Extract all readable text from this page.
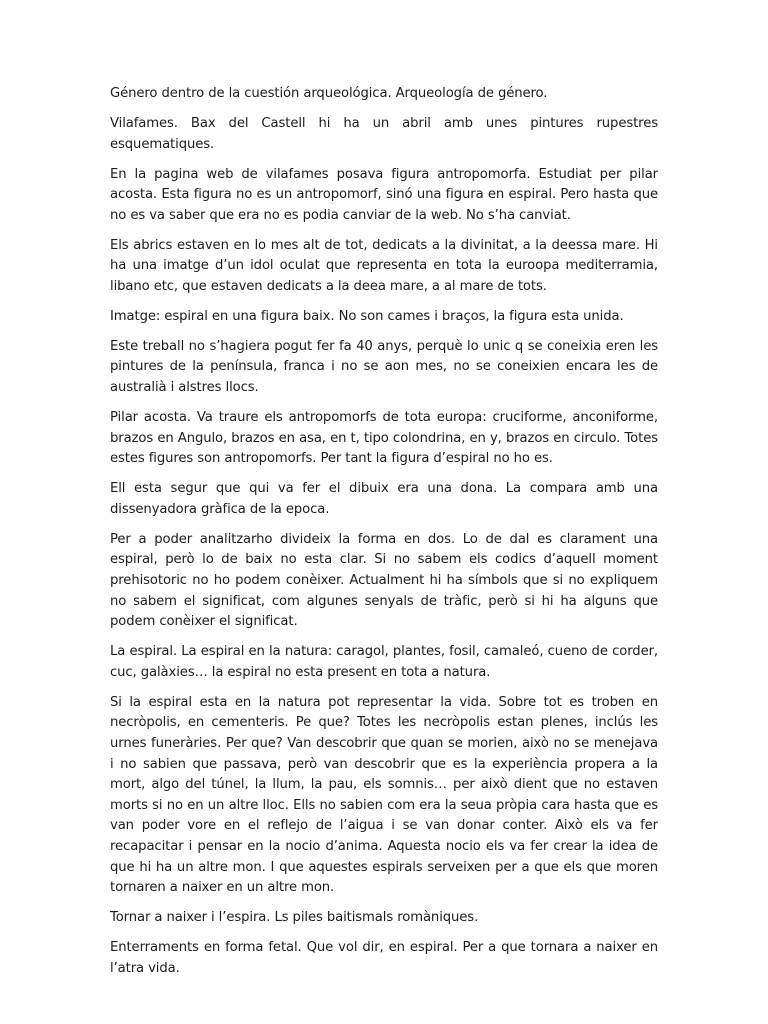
Género dentro de la cuestión arqueológica. Arqueología de género.

Vilafames. Bax del Castell hi ha un abril amb unes pintures rupestres esquematiques.

En la pagina web de vilafames posava figura antropomorfa. Estudiat per pilar acosta. Esta figura no es un antropomorf, sinó una figura en espiral. Pero hasta que no es va saber que era no es podia canviar de la web. No s’ha canviat.

Els abrics estaven en lo mes alt de tot, dedicats a la divinitat, a la deessa mare. Hi ha una imatge d’un idol oculat que representa en tota la euroopa mediterramia, libano etc, que estaven dedicats a la deea mare, a al mare de tots.

Imatge: espiral en una figura baix. No son cames i braços, la figura esta unida.

Este treball no s’hagiera pogut fer fa 40 anys, perquè lo unic q se coneixia eren les pintures de la península, franca i no se aon mes, no se coneixien encara les de australià i alstres llocs.

Pilar acosta. Va traure els antropomorfs de tota europa: cruciforme, anconiforme, brazos en Angulo, brazos en asa, en t, tipo colondrina, en y, brazos en circulo. Totes estes figures son antropomorfs. Per tant la figura d’espiral no ho es.

Ell esta segur que qui va fer el dibuix era una dona. La compara amb una dissenyadora gràfica de la epoca.

Per a poder analitzarho divideix la forma en dos. Lo de dal es clarament una espiral, però lo de baix no esta clar. Si no sabem els codics d’aquell moment prehisotoric no ho podem conèixer. Actualment hi ha símbols que si no expliquem no sabem el significat, com algunes senyals de tràfic, però si hi ha alguns que podem conèixer el significat.

La espiral. La espiral en la natura: caragol, plantes, fosil, camaleó, cueno de corder, cuc, galàxies… la espiral no esta present en tota a natura.

Si la espiral esta en la natura pot representar la vida. Sobre tot es troben en necròpolis, en cementeris. Pe que? Totes les necròpolis estan plenes, inclús les urnes funeràries. Per que? Van descobrir que quan se morien, això no se menejava i no sabien que passava, però van descobrir que es la experiència propera a la mort, algo del túnel, la llum, la pau, els somnis… per això dient que no estaven morts si no en un altre lloc. Ells no sabien com era la seua pròpia cara hasta que es van poder vore en el reflejo de l’aigua i se van donar conter. Això els va fer recapacitar i pensar en la nocio d’anima. Aquesta nocio els va fer crear la idea de que hi ha un altre mon. I que aquestes espirals serveixen per a que els que moren tornaren a naixer en un altre mon.

Tornar a naixer i l’espira. Ls piles baitismals romàniques.

Enterraments en forma fetal. Que vol dir, en espiral. Per a que tornara a naixer en l’atra vida.
